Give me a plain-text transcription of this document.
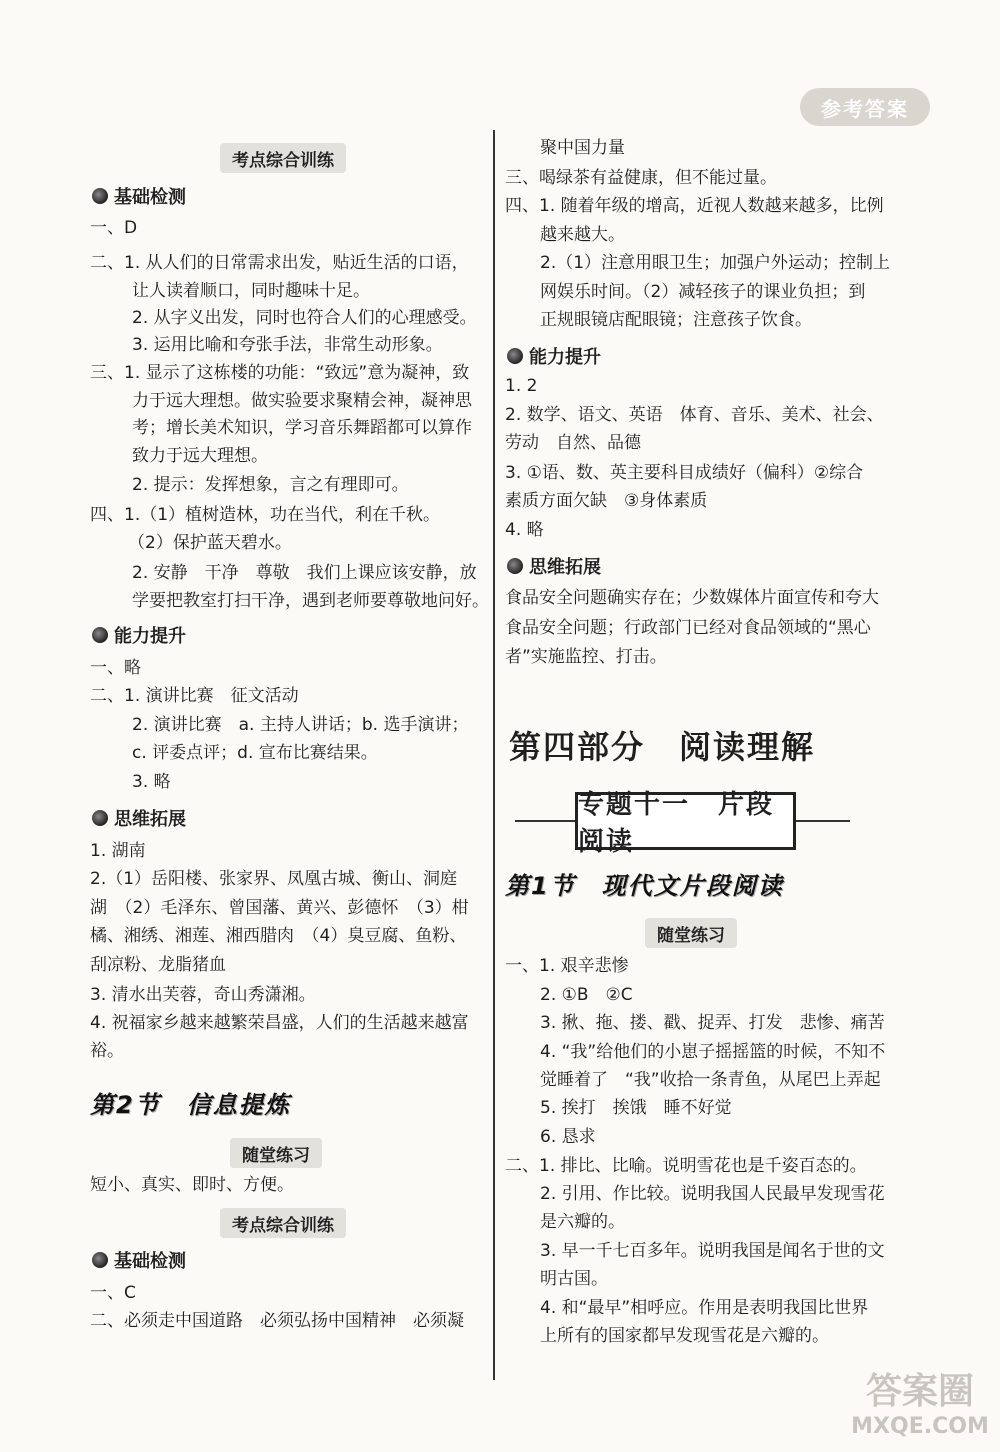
参考答案
考点综合训练
基础检测
一、D
二、1. 从人们的日常需求出发，贴近生活的口语，
让人读着顺口，同时趣味十足。
2. 从字义出发，同时也符合人们的心理感受。
3. 运用比喻和夸张手法，非常生动形象。
三、1. 显示了这栋楼的功能：“致远”意为凝神，致
力于远大理想。做实验要求聚精会神，凝神思
考；增长美术知识，学习音乐舞蹈都可以算作
致力于远大理想。
2. 提示：发挥想象，言之有理即可。
四、1.（1）植树造林，功在当代，利在千秋。
（2）保护蓝天碧水。
2. 安静　干净　尊敬　我们上课应该安静，放
学要把教室打扫干净，遇到老师要尊敬地问好。
能力提升
一、略
二、1. 演讲比赛　征文活动
2. 演讲比赛　a. 主持人讲话；b. 选手演讲；
c. 评委点评；d. 宣布比赛结果。
3. 略
思维拓展
1. 湖南
2.（1）岳阳楼、张家界、凤凰古城、衡山、洞庭
湖　（2）毛泽东、曾国藩、黄兴、彭德怀　（3）柑
橘、湘绣、湘莲、湘西腊肉　（4）臭豆腐、鱼粉、
刮凉粉、龙脂猪血
3. 清水出芙蓉，奇山秀潇湘。
4. 祝福家乡越来越繁荣昌盛，人们的生活越来越富
裕。
第2节　信息提炼
随堂练习
短小、真实、即时、方便。
考点综合训练
基础检测
一、C
二、必须走中国道路　必须弘扬中国精神　必须凝
聚中国力量
三、喝绿茶有益健康，但不能过量。
四、1. 随着年级的增高，近视人数越来越多，比例
越来越大。
2.（1）注意用眼卫生；加强户外运动；控制上
网娱乐时间。（2）减轻孩子的课业负担；到
正规眼镜店配眼镜；注意孩子饮食。
能力提升
1. 2
2. 数学、语文、英语　体育、音乐、美术、社会、
劳动　自然、品德
3. ①语、数、英主要科目成绩好（偏科）②综合
素质方面欠缺　③身体素质
4. 略
思维拓展
食品安全问题确实存在；少数媒体片面宣传和夸大
食品安全问题；行政部门已经对食品领域的“黑心
者”实施监控、打击。
第四部分　阅读理解
专题十一　片段阅读
第1节　现代文片段阅读
随堂练习
一、1. 艰辛悲惨
2. ①B　②C
3. 揪、拖、搂、戳、捉弄、打发　悲惨、痛苦
4. “我”给他们的小崽子摇摇篮的时候，不知不
觉睡着了　“我”收拾一条青鱼，从尾巴上弄起
5. 挨打　挨饿　睡不好觉
6. 恳求
二、1. 排比、比喻。说明雪花也是千姿百态的。
2. 引用、作比较。说明我国人民最早发现雪花
是六瓣的。
3. 早一千七百多年。说明我国是闻名于世的文
明古国。
4. 和“最早”相呼应。作用是表明我国比世界
上所有的国家都早发现雪花是六瓣的。
答案圈
MXQE.COM
